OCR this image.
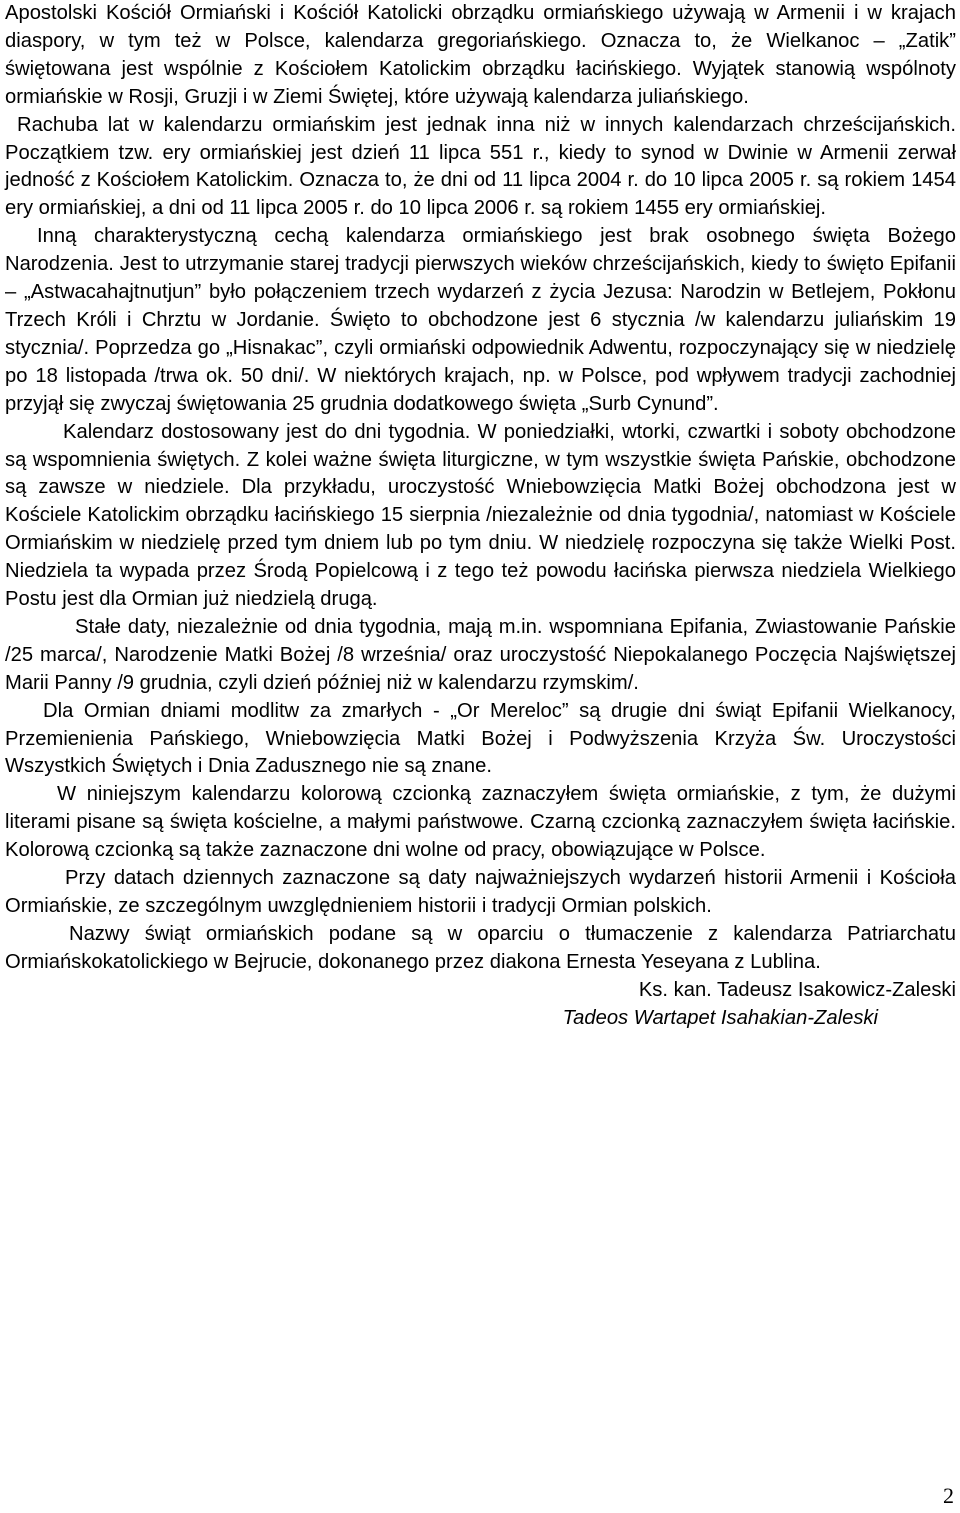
Apostolski Kościół Ormiański i Kościół Katolicki obrządku ormiańskiego używają w Armenii i w krajach diaspory, w tym też w Polsce, kalendarza gregoriańskiego. Oznacza to, że Wielkanoc – „Zatik” świętowana jest wspólnie z Kościołem Katolickim obrządku łacińskiego. Wyjątek stanowią wspólnoty ormiańskie w Rosji, Gruzji i w Ziemi Świętej, które używają kalendarza juliańskiego.

Rachuba lat w kalendarzu ormiańskim jest jednak inna niż w innych kalendarzach chrześcijańskich. Początkiem tzw. ery ormiańskiej jest dzień 11 lipca 551 r., kiedy to synod w Dwinie w Armenii zerwał jedność z Kościołem Katolickim. Oznacza to, że dni od 11 lipca 2004 r. do 10 lipca 2005 r. są rokiem 1454 ery ormiańskiej, a dni od 11 lipca 2005 r. do 10 lipca 2006 r. są rokiem 1455 ery ormiańskiej.

Inną charakterystyczną cechą kalendarza ormiańskiego jest brak osobnego święta Bożego Narodzenia. Jest to utrzymanie starej tradycji pierwszych wieków chrześcijańskich, kiedy to święto Epifanii – „Astwacahajtnutjun” było połączeniem trzech wydarzeń z życia Jezusa: Narodzin w Betlejem, Pokłonu Trzech Króli i Chrztu w Jordanie. Święto to obchodzone jest 6 stycznia /w kalendarzu juliańskim 19 stycznia/. Poprzedza go „Hisnakac”, czyli ormiański odpowiednik Adwentu, rozpoczynający się w niedzielę po 18 listopada /trwa ok. 50 dni/. W niektórych krajach, np. w Polsce, pod wpływem tradycji zachodniej przyjął się zwyczaj świętowania 25 grudnia dodatkowego święta „Surb Cynund”.

Kalendarz dostosowany jest do dni tygodnia. W poniedziałki, wtorki, czwartki i soboty obchodzone są wspomnienia świętych. Z kolei ważne święta liturgiczne, w tym wszystkie święta Pańskie, obchodzone są zawsze w niedziele. Dla przykładu, uroczystość Wniebowzięcia Matki Bożej obchodzona jest w Kościele Katolickim obrządku łacińskiego 15 sierpnia /niezależnie od dnia tygodnia/, natomiast w Kościele Ormiańskim w niedzielę przed tym dniem lub po tym dniu. W niedzielę rozpoczyna się także Wielki Post. Niedziela ta wypada przez Środą Popielcową i z tego też powodu łacińska pierwsza niedziela Wielkiego Postu jest dla Ormian już niedzielą drugą.

Stałe daty, niezależnie od dnia tygodnia, mają m.in. wspomniana Epifania, Zwiastowanie Pańskie /25 marca/, Narodzenie Matki Bożej /8 września/ oraz uroczystość Niepokalanego Poczęcia Najświętszej Marii Panny /9 grudnia, czyli dzień później niż w kalendarzu rzymskim/.

Dla Ormian dniami modlitw za zmarłych - „Or Mereloc” są drugie dni świąt Epifanii Wielkanocy, Przemienienia Pańskiego, Wniebowzięcia Matki Bożej i Podwyższenia Krzyża Św. Uroczystości Wszystkich Świętych i Dnia Zadusznego nie są znane.

W niniejszym kalendarzu kolorową czcionką zaznaczyłem święta ormiańskie, z tym, że dużymi literami pisane są święta kościelne, a małymi państwowe. Czarną czcionką zaznaczyłem święta łacińskie. Kolorową czcionką są także zaznaczone dni wolne od pracy, obowiązujące w Polsce.

Przy datach dziennych zaznaczone są daty najważniejszych wydarzeń historii Armenii i Kościoła Ormiańskie, ze szczególnym uwzględnieniem historii i tradycji Ormian polskich.

Nazwy świąt ormiańskich podane są w oparciu o tłumaczenie z kalendarza Patriarchatu Ormiańskokatolickiego w Bejrucie, dokonanego przez diakona Ernesta Yeseyana z Lublina.

Ks. kan. Tadeusz Isakowicz-Zaleski

Tadeos Wartapet Isahakian-Zaleski

2
